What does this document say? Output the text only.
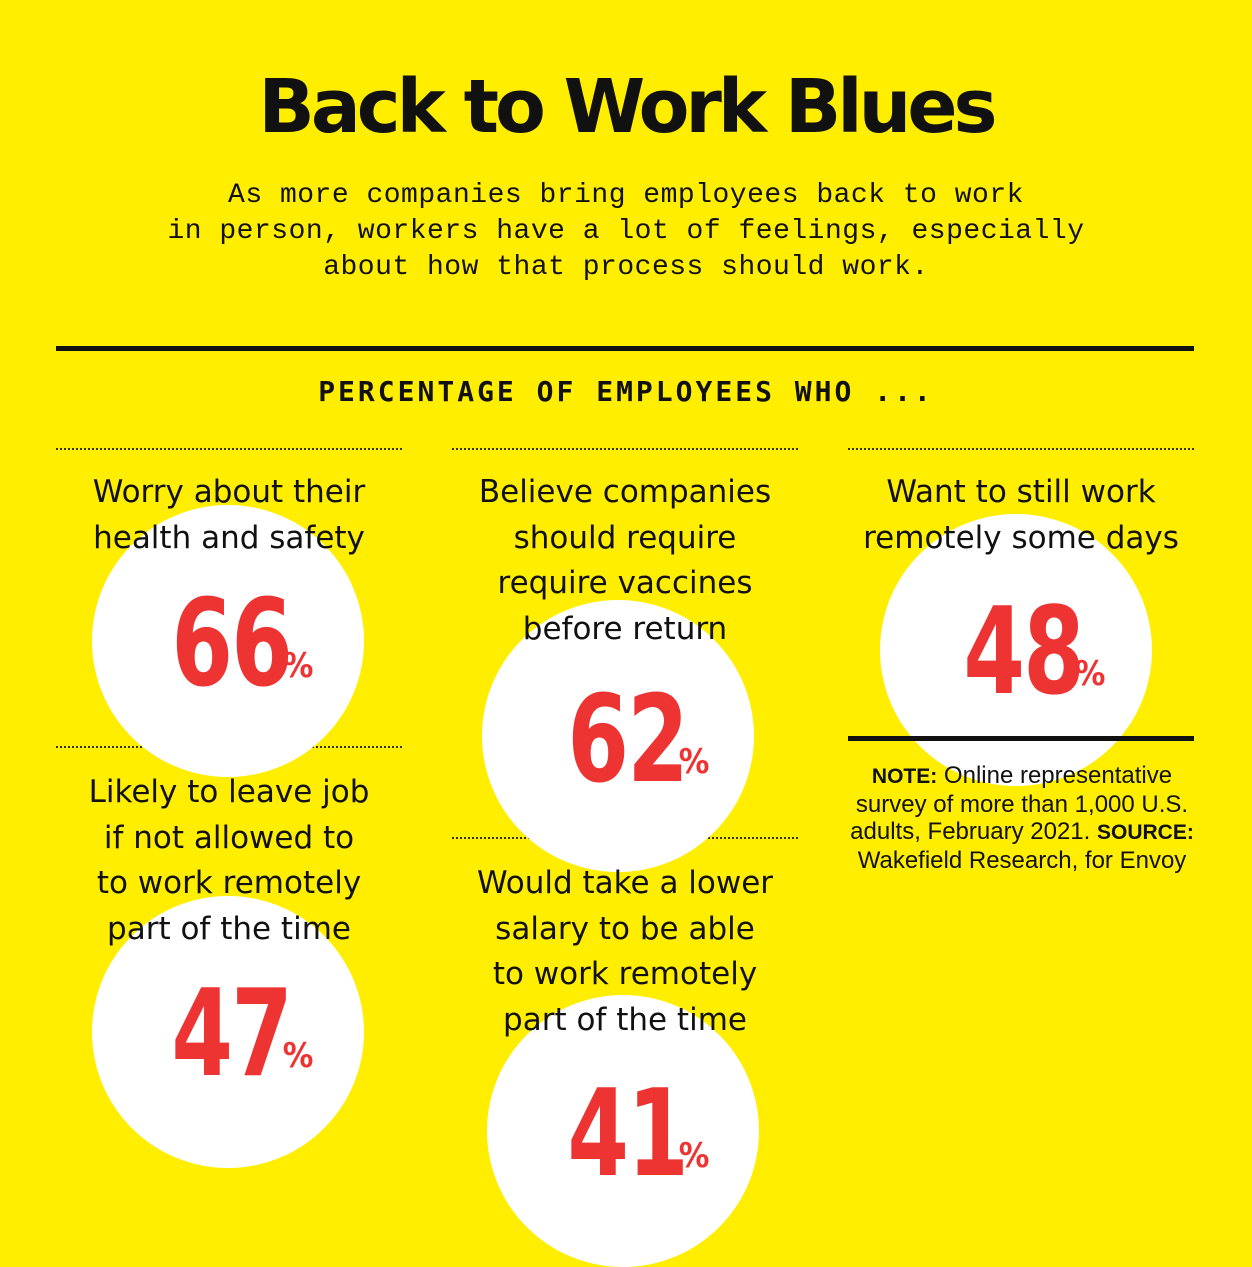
Back to Work Blues
As more companies bring employees back to work
in person, workers have a lot of feelings, especially
about how that process should work.
PERCENTAGE OF EMPLOYEES WHO ...
Worry about their
health and safety
66%
Believe companies
should require
require vaccines
before return
62%
Want to still work
remotely some days
48%
Likely to leave job
if not allowed to
to work remotely
part of the time
47%
Would take a lower
salary to be able
to work remotely
part of the time
41%
NOTE: Online representative survey of more than 1,000 U.S. adults, February 2021. SOURCE: Wakefield Research, for Envoy
